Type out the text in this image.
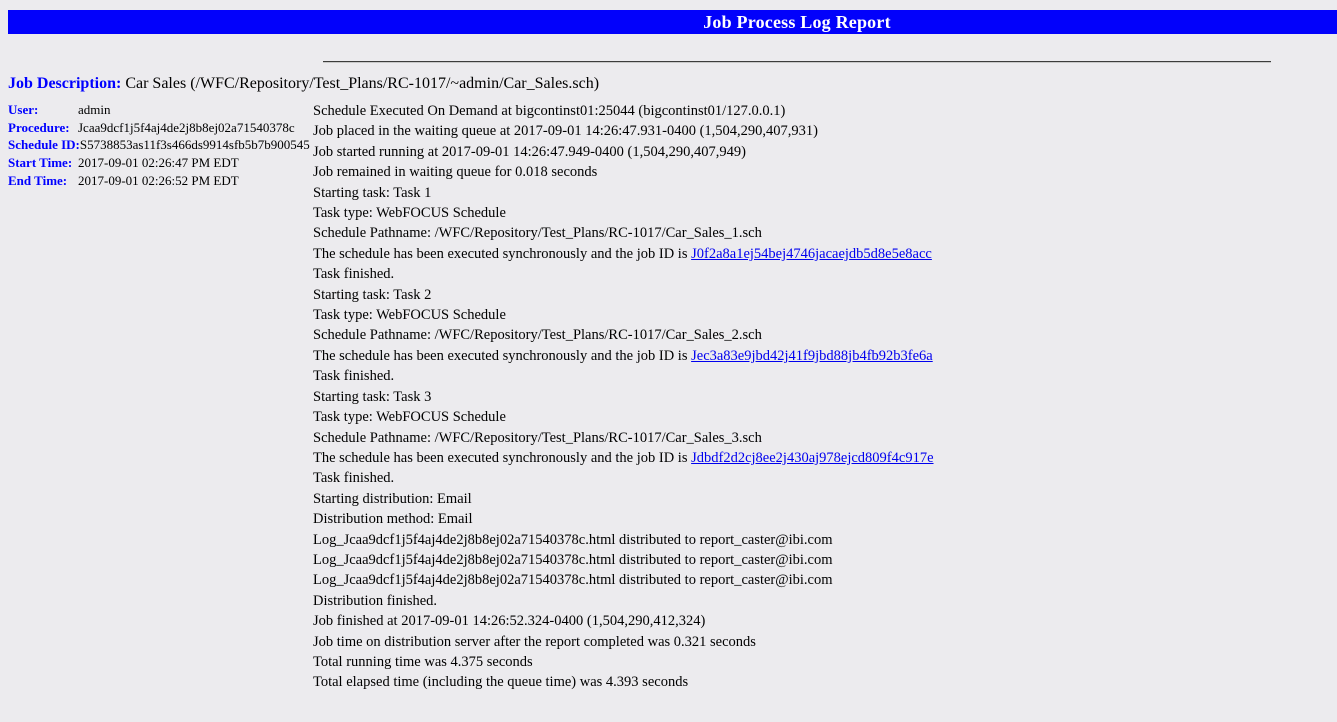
Job Process Log Report
Job Description: Car Sales (/WFC/Repository/Test_Plans/RC-1017/~admin/Car_Sales.sch)
User:	admin
Procedure: Jcaa9dcf1j5f4aj4de2j8b8ej02a71540378c
Schedule ID: S5738853as11f3s466ds9914sfb5b7b900545
Start Time: 2017-09-01 02:26:47 PM EDT
End Time: 2017-09-01 02:26:52 PM EDT
Schedule Executed On Demand at bigcontinst01:25044 (bigcontinst01/127.0.0.1)
Job placed in the waiting queue at 2017-09-01 14:26:47.931-0400 (1,504,290,407,931)
Job started running at 2017-09-01 14:26:47.949-0400 (1,504,290,407,949)
Job remained in waiting queue for 0.018 seconds
Starting task: Task 1
Task type: WebFOCUS Schedule
Schedule Pathname: /WFC/Repository/Test_Plans/RC-1017/Car_Sales_1.sch
The schedule has been executed synchronously and the job ID is J0f2a8a1ej54bej4746jacaejdb5d8e5e8acc
Task finished.
Starting task: Task 2
Task type: WebFOCUS Schedule
Schedule Pathname: /WFC/Repository/Test_Plans/RC-1017/Car_Sales_2.sch
The schedule has been executed synchronously and the job ID is Jec3a83e9jbd42j41f9jbd88jb4fb92b3fe6a
Task finished.
Starting task: Task 3
Task type: WebFOCUS Schedule
Schedule Pathname: /WFC/Repository/Test_Plans/RC-1017/Car_Sales_3.sch
The schedule has been executed synchronously and the job ID is Jdbdf2d2cj8ee2j430aj978ejcd809f4c917e
Task finished.
Starting distribution: Email
Distribution method: Email
Log_Jcaa9dcf1j5f4aj4de2j8b8ej02a71540378c.html distributed to report_caster@ibi.com
Log_Jcaa9dcf1j5f4aj4de2j8b8ej02a71540378c.html distributed to report_caster@ibi.com
Log_Jcaa9dcf1j5f4aj4de2j8b8ej02a71540378c.html distributed to report_caster@ibi.com
Distribution finished.
Job finished at 2017-09-01 14:26:52.324-0400 (1,504,290,412,324)
Job time on distribution server after the report completed was 0.321 seconds
Total running time was 4.375 seconds
Total elapsed time (including the queue time) was 4.393 seconds
